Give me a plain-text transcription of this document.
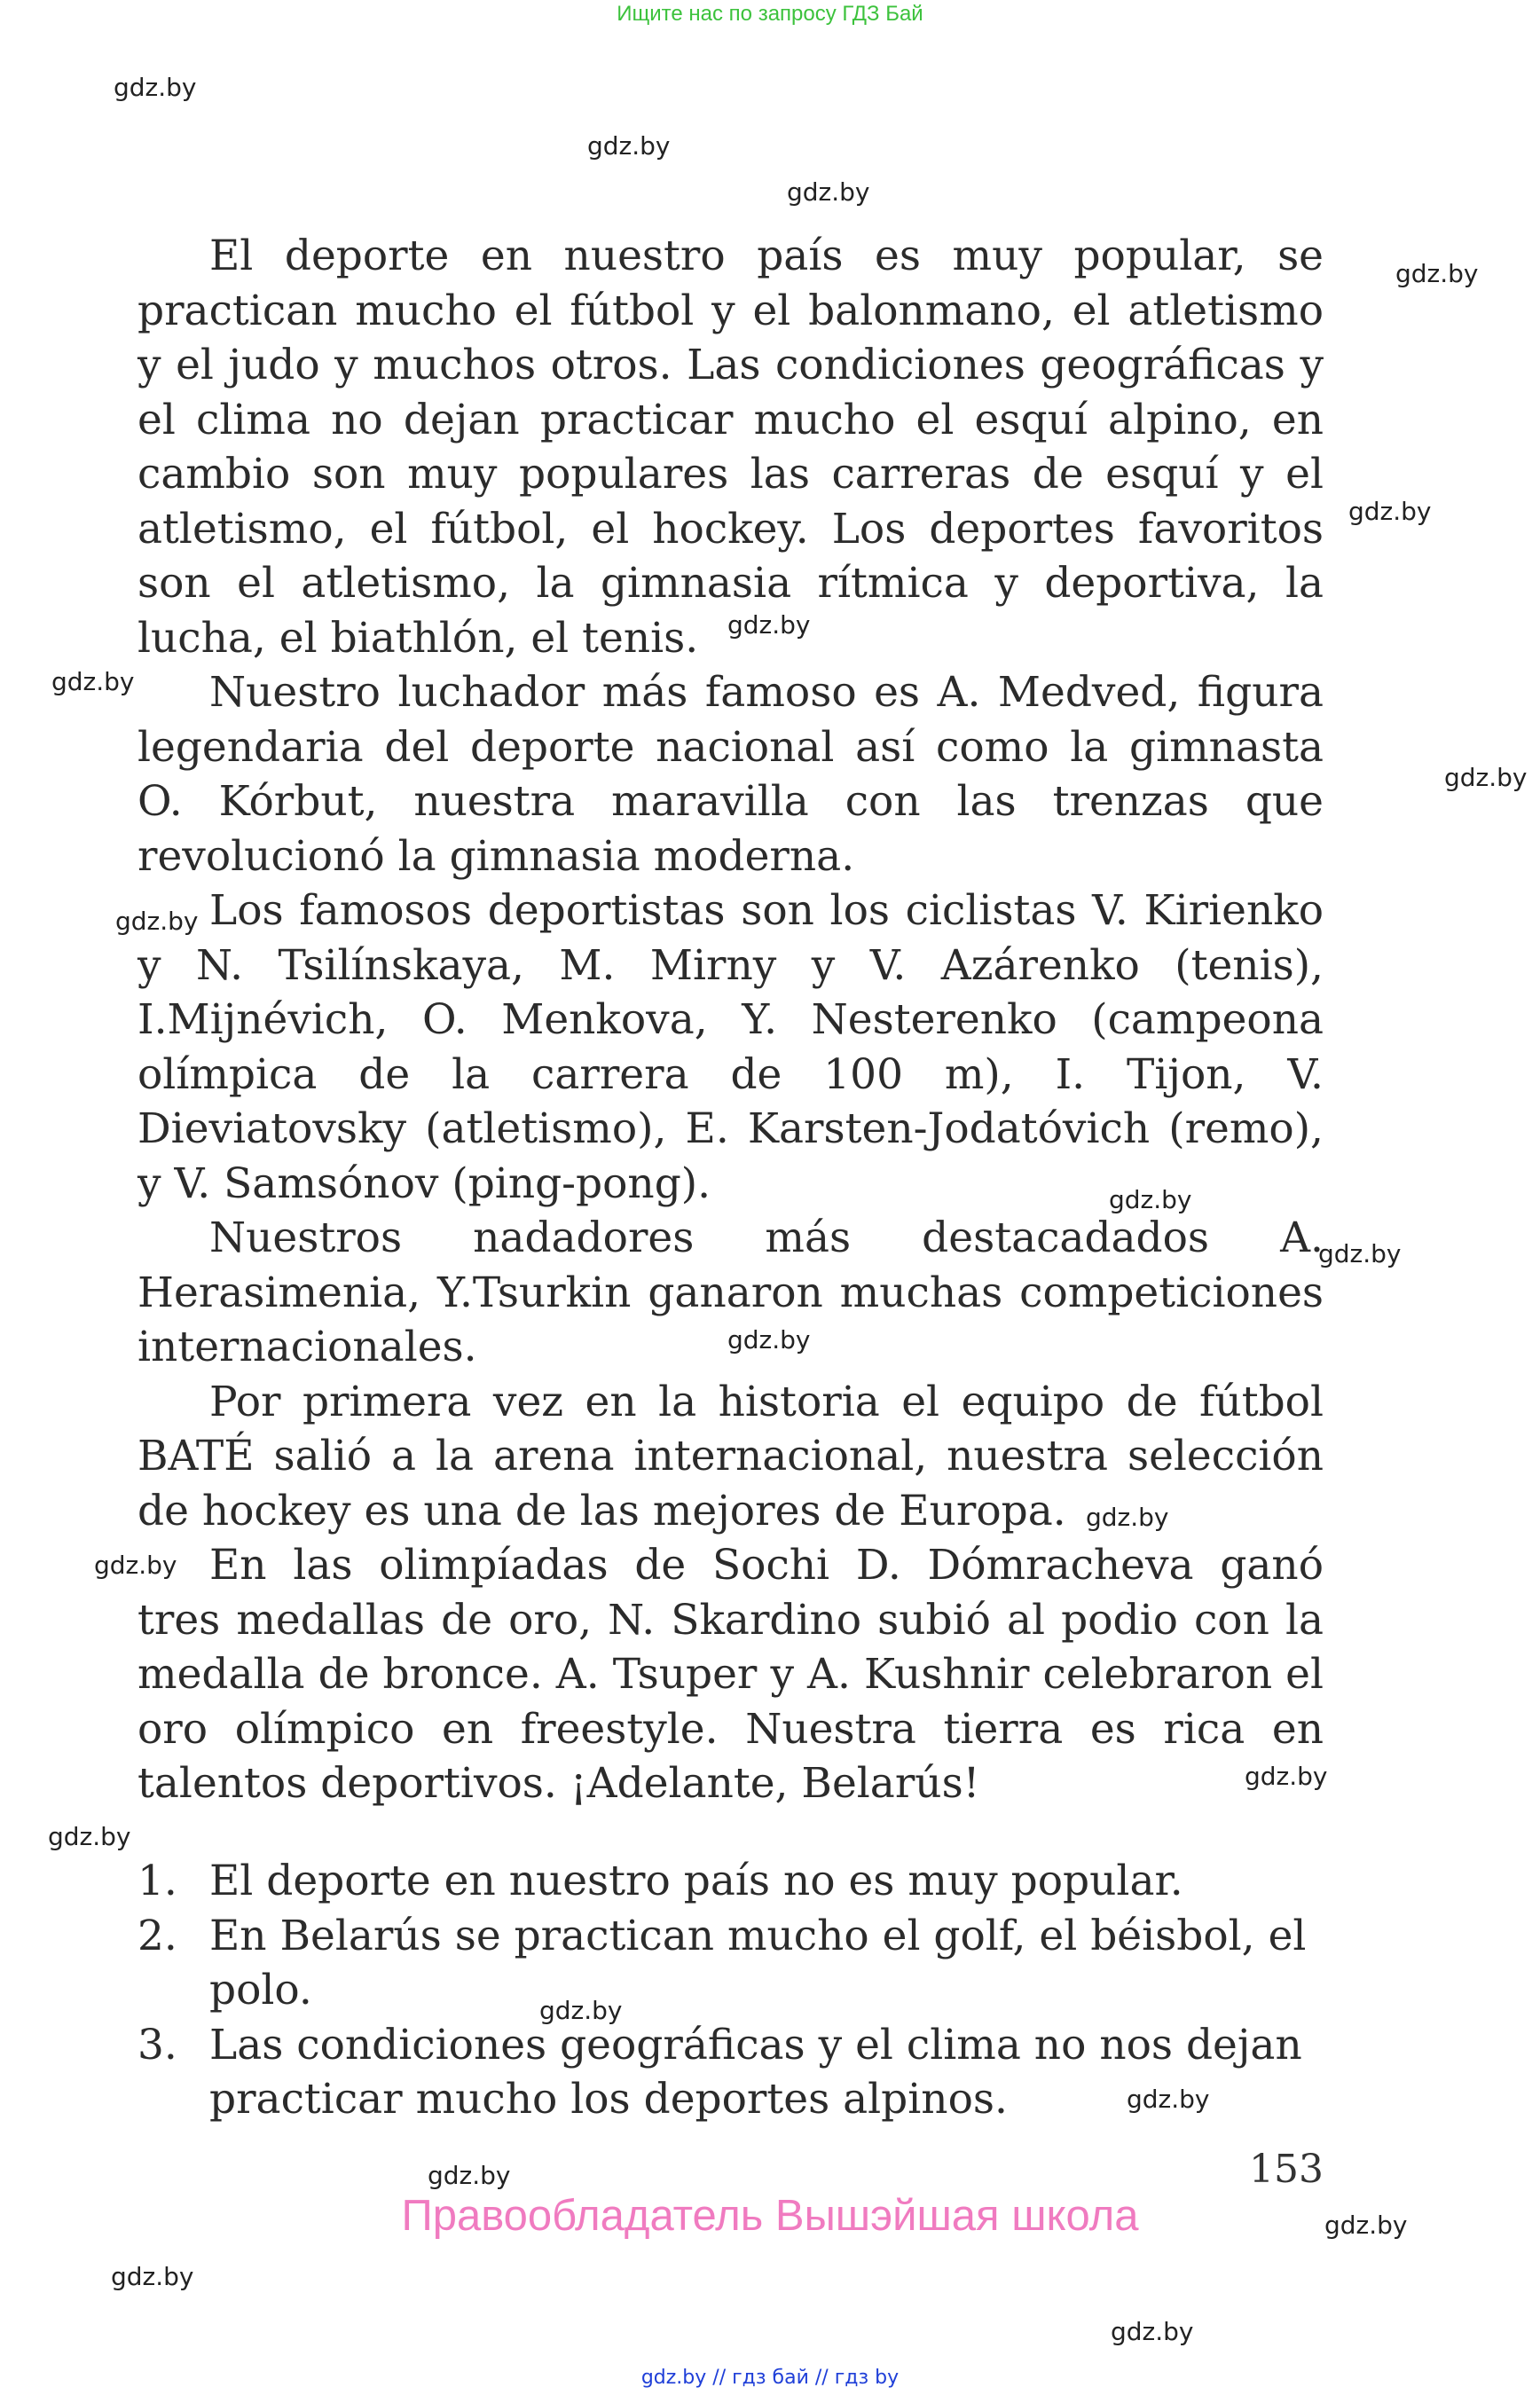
Ищите нас по запросу ГДЗ Бай
gdz.by
gdz.by
gdz.by
gdz.by
gdz.by
gdz.by
gdz.by
gdz.by
gdz.by
gdz.by
gdz.by
gdz.by
gdz.by
gdz.by
gdz.by
gdz.by
gdz.by
gdz.by
gdz.by
gdz.by
gdz.by
gdz.by

El deporte en nuestro país es muy popular, se practican mucho el fútbol y el balonmano, el atletismo y el judo y muchos otros. Las condiciones geográficas y el clima no dejan practicar mucho el esquí alpino, en cambio son muy populares las carreras de esquí y el atletismo, el fútbol, el hockey. Los deportes favoritos son el atletismo, la gimnasia rítmica y deportiva, la lucha, el biathlón, el tenis.

Nuestro luchador más famoso es A. Medved, figura legendaria del deporte nacional así como la gimnasta O. Kórbut, nuestra maravilla con las trenzas que revolucionó la gimnasia moderna.

Los famosos deportistas son los ciclistas V. Kirienko y N. Tsilínskaya, M. Mirny y V. Azárenko (tenis), I.Mijnévich, O. Menkova, Y. Nesterenko (campeona olímpica de la carrera de 100 m), I. Tijon, V. Dieviatovsky (atletismo), E. Karsten-Jodatóvich (remo), y V. Samsónov (ping-pong).

Nuestros nadadores más destacadados A. Herasimenia, Y.Tsurkin ganaron muchas competiciones internacionales.

Por primera vez en la historia el equipo de fútbol BATÉ salió a la arena internacional, nuestra selección de hockey es una de las mejores de Europa.

En las olimpíadas de Sochi D. Dómracheva ganó tres medallas de oro, N. Skardino subió al podio con la medalla de bronce. A. Tsuper y A. Kushnir celebraron el oro olímpico en freestyle. Nuestra tierra es rica en talentos deportivos. ¡Adelante, Belarús!

1. El deporte en nuestro país no es muy popular.
2. En Belarús se practican mucho el golf, el béisbol, el polo.
3. Las condiciones geográficas y el clima no nos dejan practicar mucho los deportes alpinos.
153
Правообладатель Вышэйшая школа
gdz.by // гдз бай // гдз by
